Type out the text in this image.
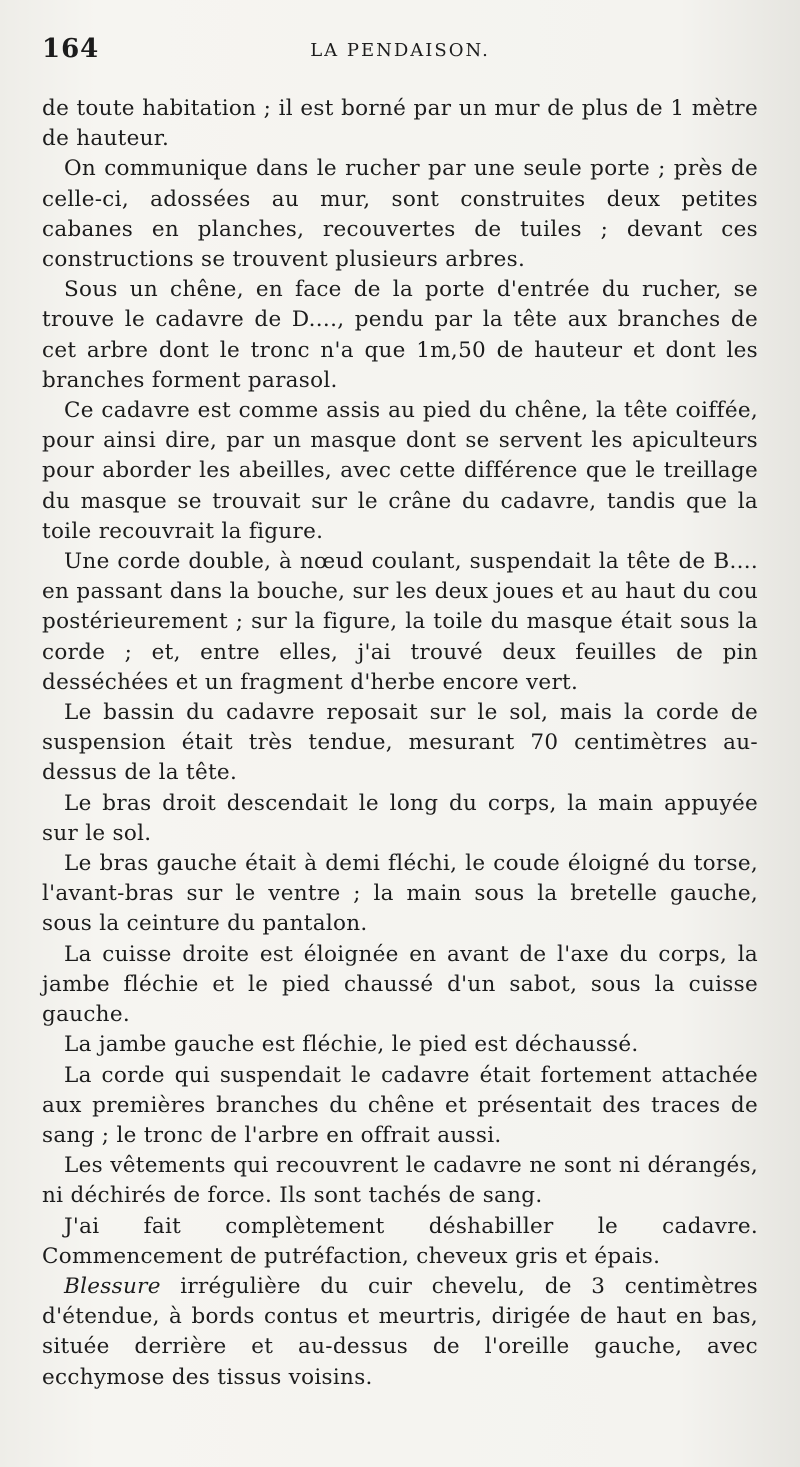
164	LA PENDAISON.

de toute habitation ; il est borné par un mur de plus de 1 mètre de hauteur.

On communique dans le rucher par une seule porte ; près de celle-ci, adossées au mur, sont construites deux petites cabanes en planches, recouvertes de tuiles ; devant ces constructions se trouvent plusieurs arbres.

Sous un chêne, en face de la porte d'entrée du rucher, se trouve le cadavre de D...., pendu par la tête aux branches de cet arbre dont le tronc n'a que 1m,50 de hauteur et dont les branches forment parasol.

Ce cadavre est comme assis au pied du chêne, la tête coiffée, pour ainsi dire, par un masque dont se servent les apiculteurs pour aborder les abeilles, avec cette différence que le treillage du masque se trouvait sur le crâne du cadavre, tandis que la toile recouvrait la figure.

Une corde double, à nœud coulant, suspendait la tête de B.... en passant dans la bouche, sur les deux joues et au haut du cou postérieurement ; sur la figure, la toile du masque était sous la corde ; et, entre elles, j'ai trouvé deux feuilles de pin desséchées et un fragment d'herbe encore vert.

Le bassin du cadavre reposait sur le sol, mais la corde de suspension était très tendue, mesurant 70 centimètres au-dessus de la tête.

Le bras droit descendait le long du corps, la main appuyée sur le sol.

Le bras gauche était à demi fléchi, le coude éloigné du torse, l'avant-bras sur le ventre ; la main sous la bretelle gauche, sous la ceinture du pantalon.

La cuisse droite est éloignée en avant de l'axe du corps, la jambe fléchie et le pied chaussé d'un sabot, sous la cuisse gauche.

La jambe gauche est fléchie, le pied est déchaussé.

La corde qui suspendait le cadavre était fortement attachée aux premières branches du chêne et présentait des traces de sang ; le tronc de l'arbre en offrait aussi.

Les vêtements qui recouvrent le cadavre ne sont ni dérangés, ni déchirés de force. Ils sont tachés de sang.

J'ai fait complètement déshabiller le cadavre. Commencement de putréfaction, cheveux gris et épais.

Blessure irrégulière du cuir chevelu, de 3 centimètres d'étendue, à bords contus et meurtris, dirigée de haut en bas, située derrière et au-dessus de l'oreille gauche, avec ecchymose des tissus voisins.
